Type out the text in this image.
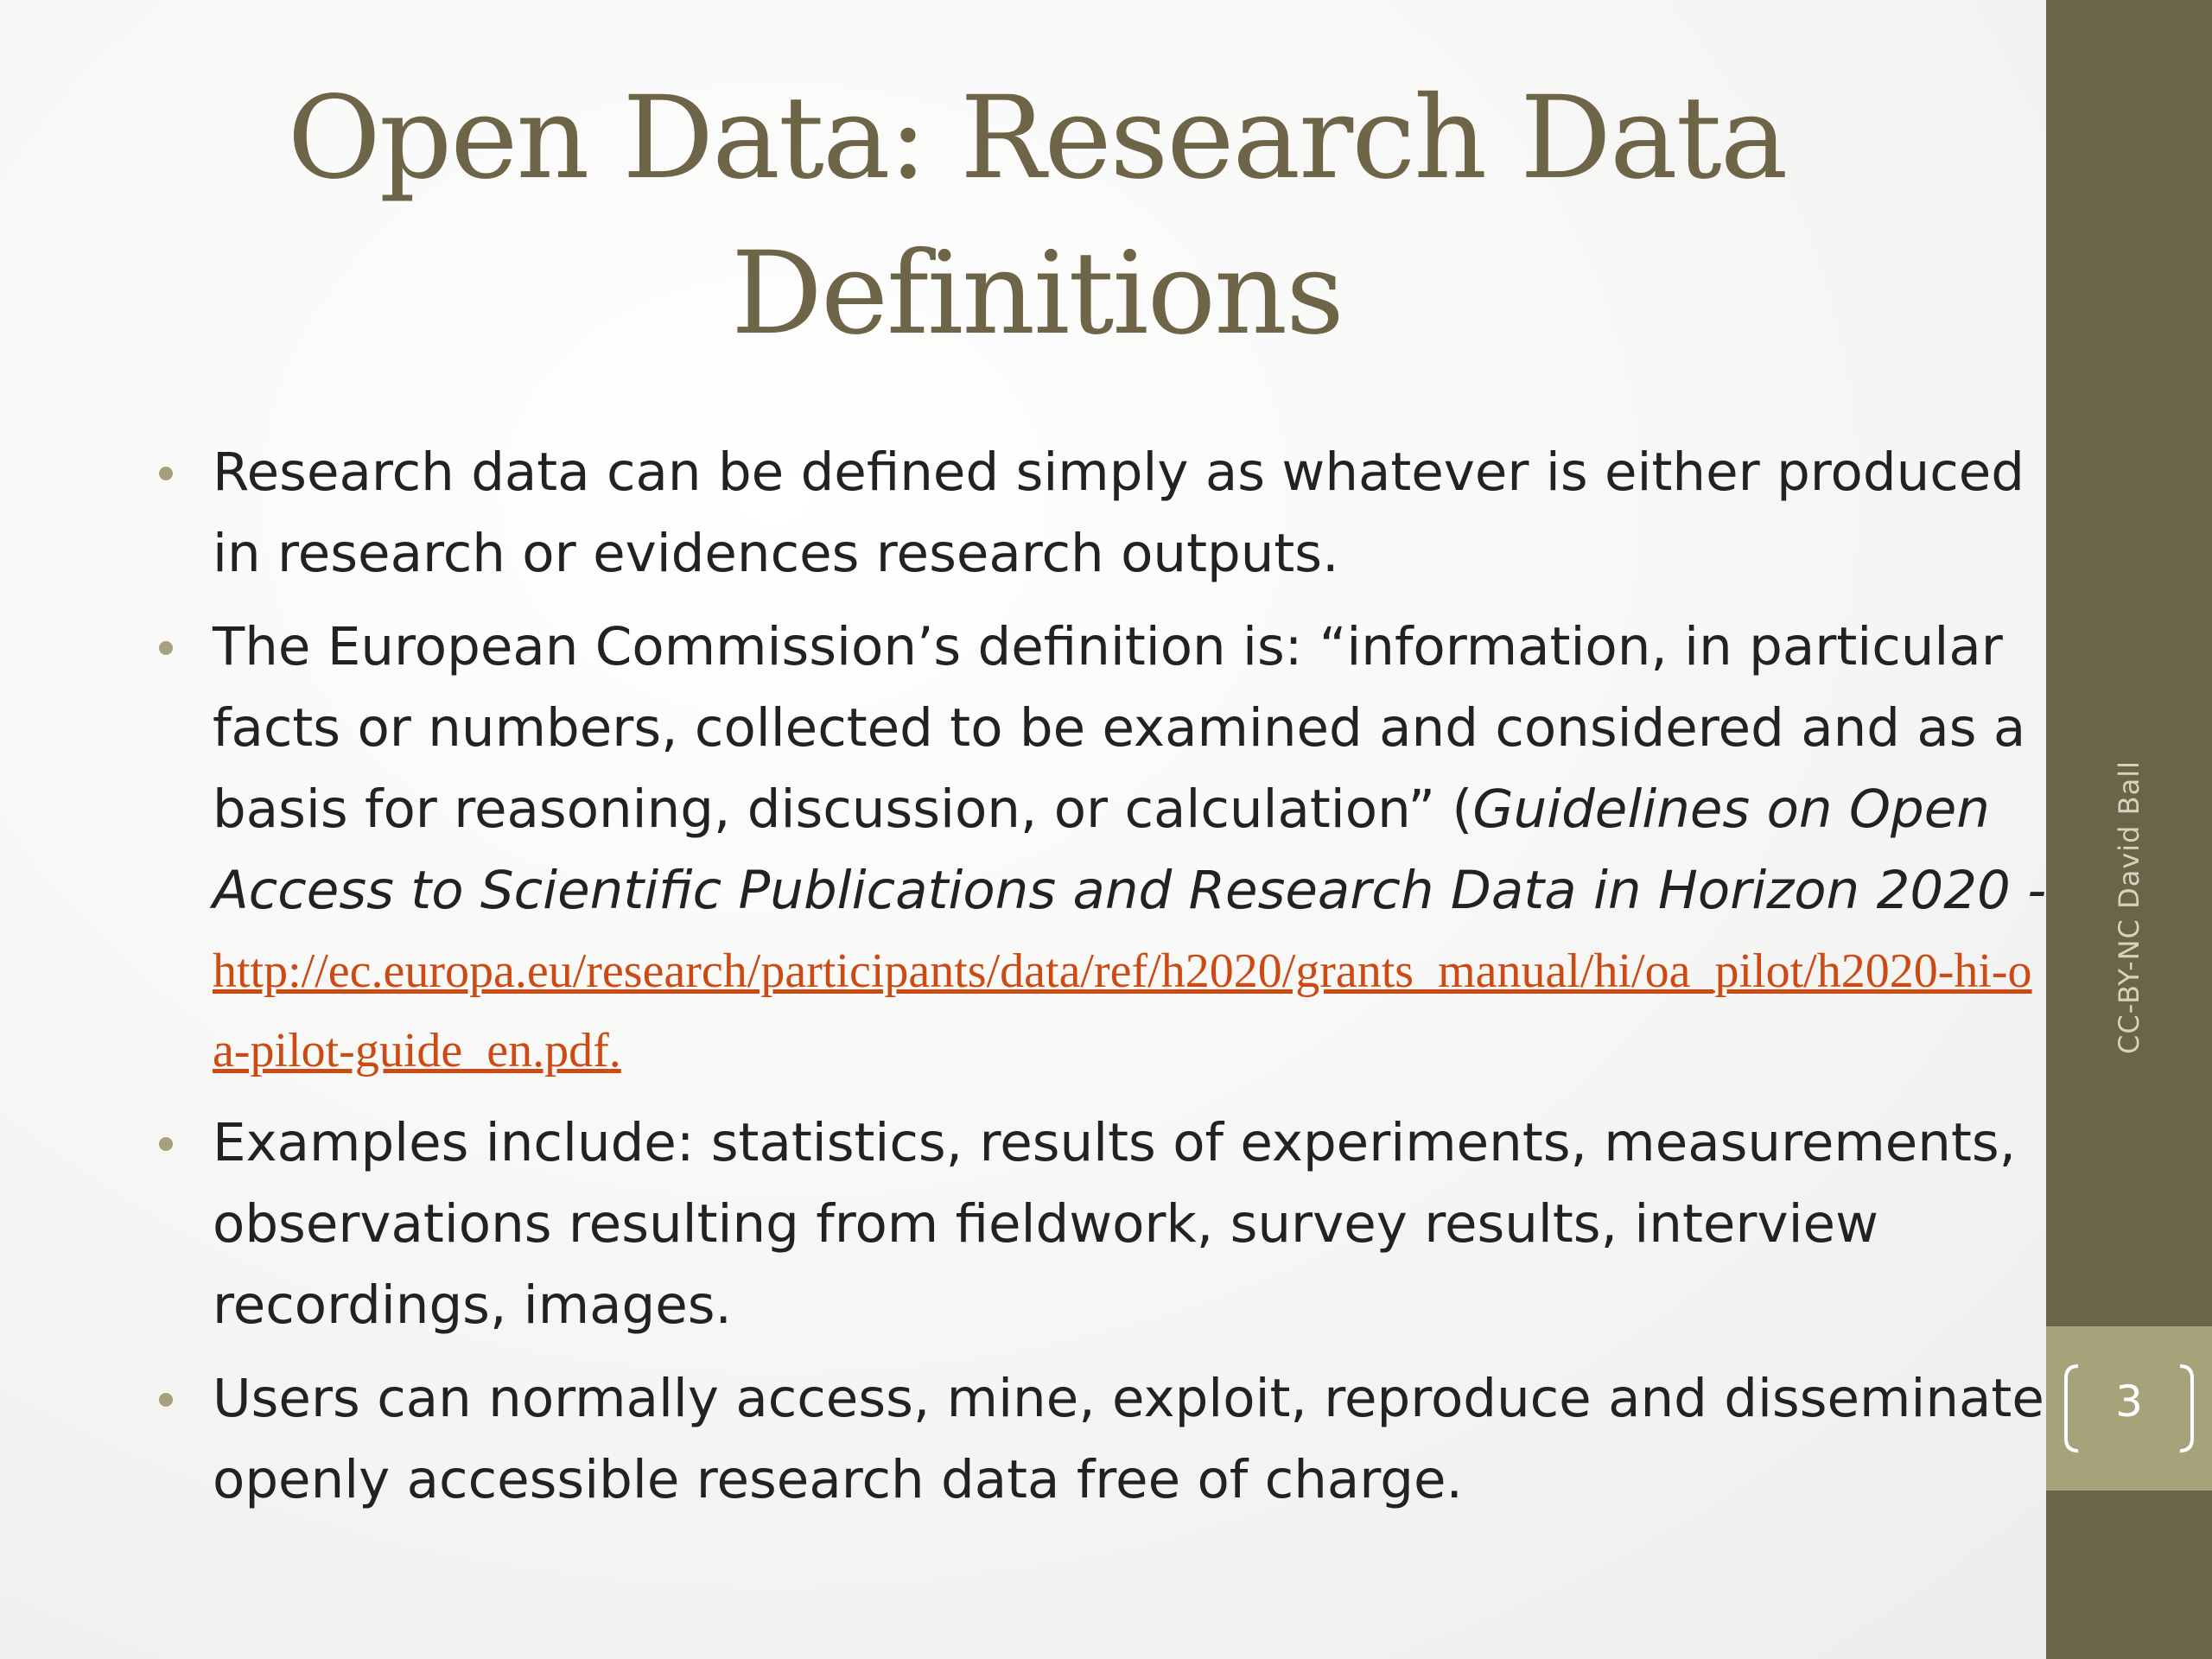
Open Data: Research Data
Definitions
Research data can be defined simply as whatever is either produced in research or evidences research outputs.
The European Commission’s definition is: “information, in particular facts or numbers, collected to be examined and considered and as a basis for reasoning, discussion, or calculation” (Guidelines on Open Access to Scientific Publications and Research Data in Horizon 2020 -
http://ec.europa.eu/research/participants/data/ref/h2020/grants_manual/hi/oa_pilot/h2020-hi-oa-pilot-guide_en.pdf.
Examples include: statistics, results of experiments, measurements, observations resulting from fieldwork, survey results, interview recordings, images.
Users can normally access, mine, exploit, reproduce and disseminate openly accessible research data free of charge.
CC-BY-NC David Ball
3
